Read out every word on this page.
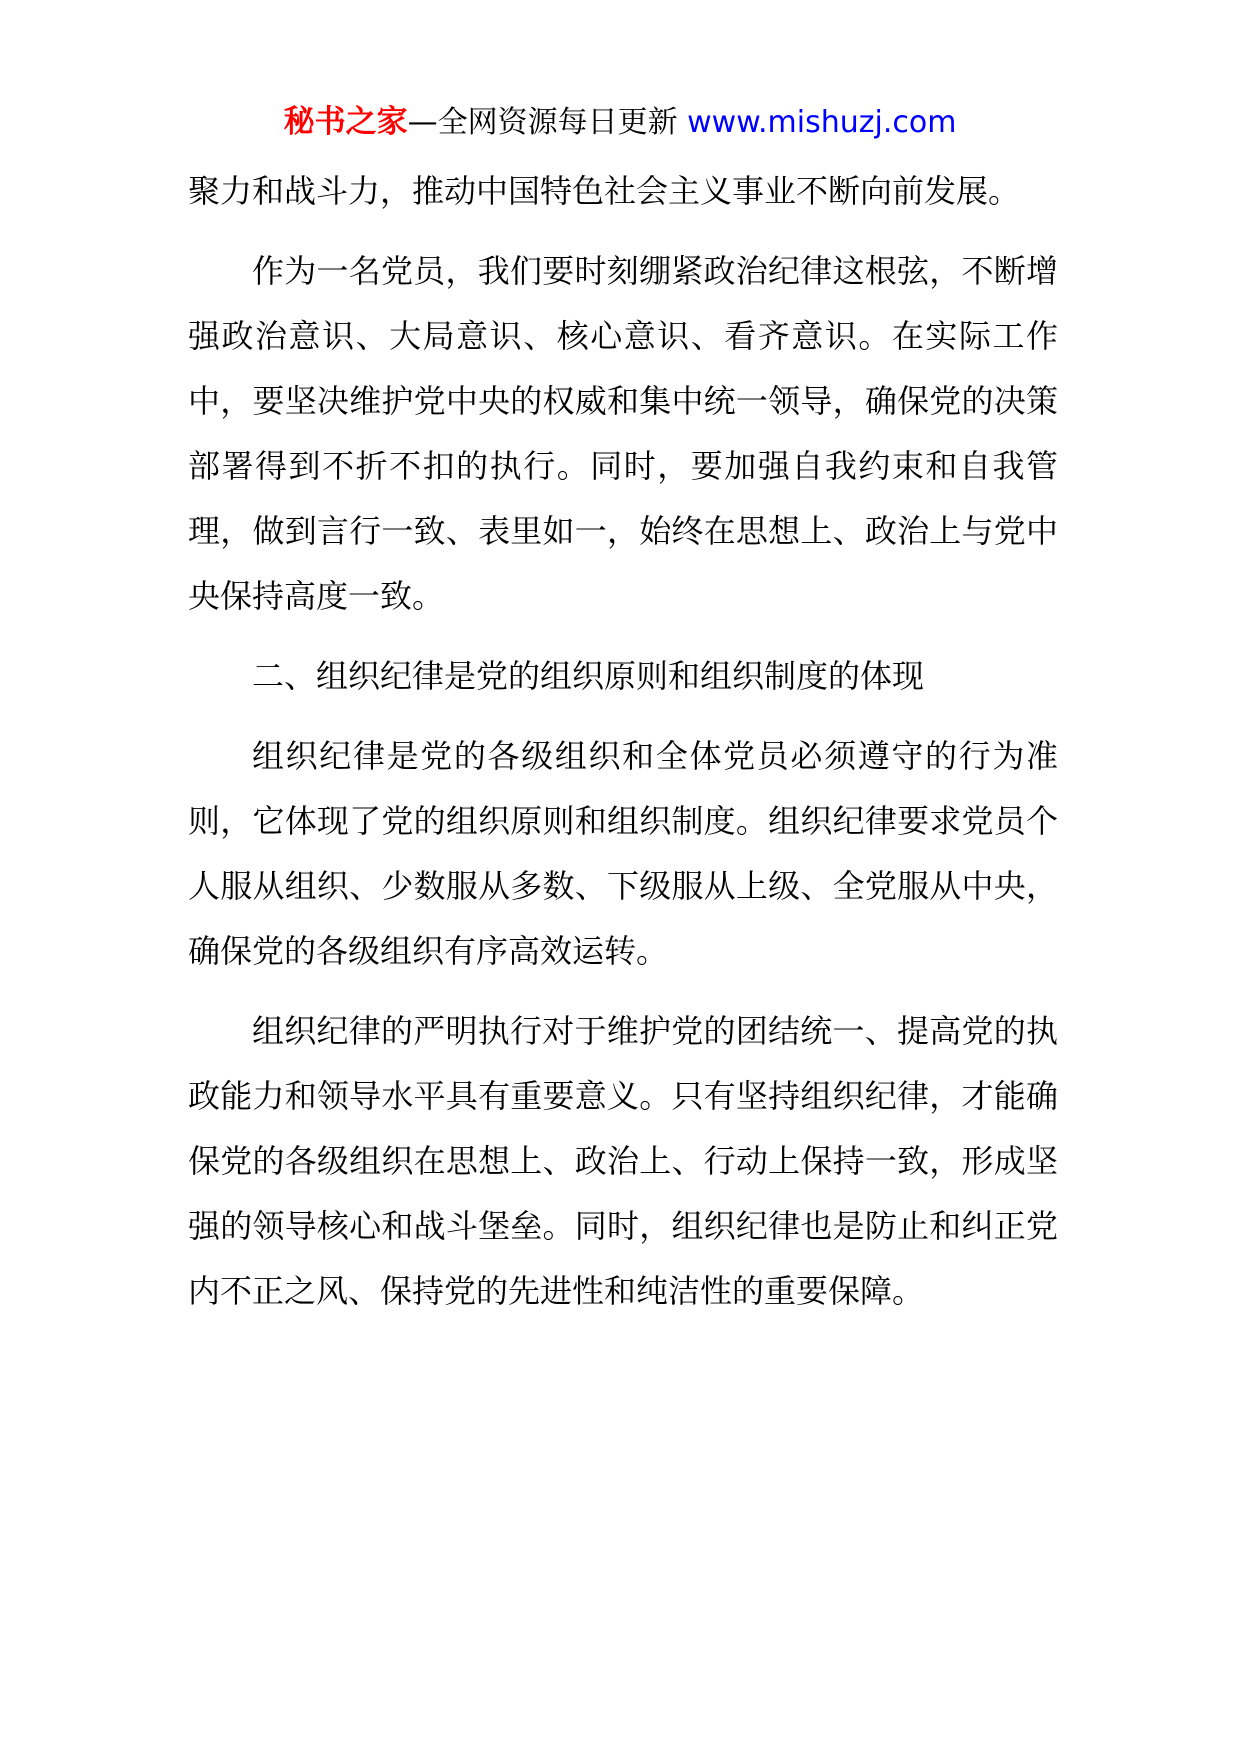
秘书之家—全网资源每日更新 www.mishuzj.com

聚力和战斗力，推动中国特色社会主义事业不断向前发展。

作为一名党员，我们要时刻绷紧政治纪律这根弦，不断增强政治意识、大局意识、核心意识、看齐意识。在实际工作中，要坚决维护党中央的权威和集中统一领导，确保党的决策部署得到不折不扣的执行。同时，要加强自我约束和自我管理，做到言行一致、表里如一，始终在思想上、政治上与党中央保持高度一致。

二、组织纪律是党的组织原则和组织制度的体现

组织纪律是党的各级组织和全体党员必须遵守的行为准则，它体现了党的组织原则和组织制度。组织纪律要求党员个人服从组织、少数服从多数、下级服从上级、全党服从中央，确保党的各级组织有序高效运转。

组织纪律的严明执行对于维护党的团结统一、提高党的执政能力和领导水平具有重要意义。只有坚持组织纪律，才能确保党的各级组织在思想上、政治上、行动上保持一致，形成坚强的领导核心和战斗堡垒。同时，组织纪律也是防止和纠正党内不正之风、保持党的先进性和纯洁性的重要保障。
